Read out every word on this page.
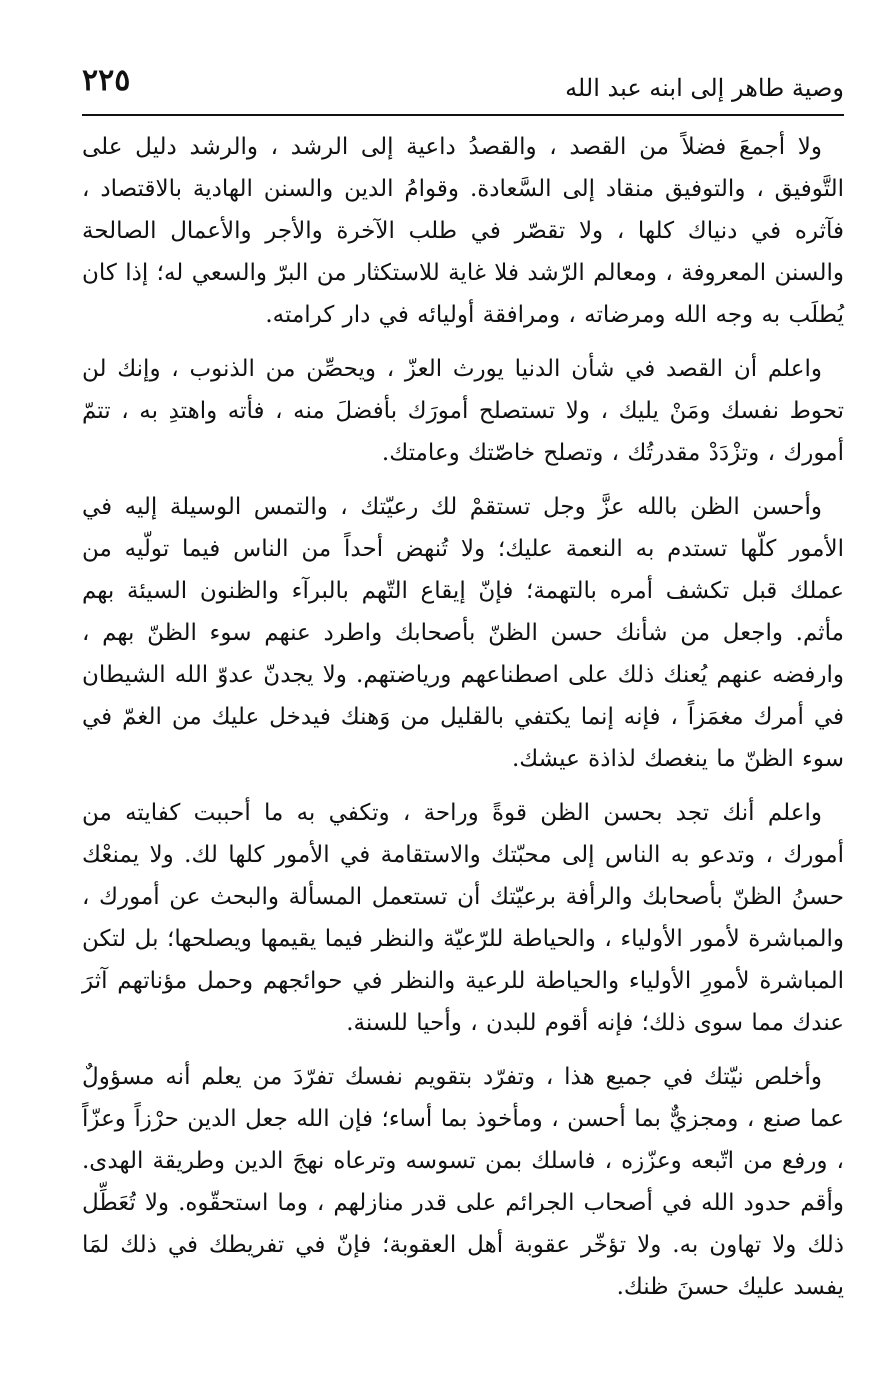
٢٢٥	وصية طاهر إلى ابنه عبد الله

ولا أجمعَ فضلاً من القصد ، والقصدُ داعية إلى الرشد ، والرشد دليل على التَّوفيق ، والتوفيق منقاد إلى السَّعادة. وقوامُ الدين والسنن الهادية بالاقتصاد ، فآثره في دنياك كلها ، ولا تقصّر في طلب الآخرة والأجر والأعمال الصالحة والسنن المعروفة ، ومعالم الرّشد فلا غاية للاستكثار من البرّ والسعي له؛ إذا كان يُطلَب به وجه الله ومرضاته ، ومرافقة أوليائه في دار كرامته.

واعلم أن القصد في شأن الدنيا يورث العزّ ، ويحصِّن من الذنوب ، وإنك لن تحوط نفسك ومَنْ يليك ، ولا تستصلح أمورَك بأفضلَ منه ، فأته واهتدِ به ، تتمّ أمورك ، وتزْدَدْ مقدرتُك ، وتصلح خاصّتك وعامتك.

وأحسن الظن بالله عزَّ وجل تستقمْ لك رعيّتك ، والتمس الوسيلة إليه في الأمور كلّها تستدم به النعمة عليك؛ ولا تُنهض أحداً من الناس فيما تولّيه من عملك قبل تكشف أمره بالتهمة؛ فإنّ إيقاع التّهم بالبرآء والظنون السيئة بهم مأثم. واجعل من شأنك حسن الظنّ بأصحابك واطرد عنهم سوء الظنّ بهم ، وارفضه عنهم يُعنك ذلك على اصطناعهم ورياضتهم. ولا يجدنّ عدوّ الله الشيطان في أمرك مغمَزاً ، فإنه إنما يكتفي بالقليل من وَهنك فيدخل عليك من الغمّ في سوء الظنّ ما ينغصك لذاذة عيشك.

واعلم أنك تجد بحسن الظن قوةً وراحة ، وتكفي به ما أحببت كفايته من أمورك ، وتدعو به الناس إلى محبّتك والاستقامة في الأمور كلها لك. ولا يمنعْك حسنُ الظنّ بأصحابك والرأفة برعيّتك أن تستعمل المسألة والبحث عن أمورك ، والمباشرة لأمور الأولياء ، والحياطة للرّعيّة والنظر فيما يقيمها ويصلحها؛ بل لتكن المباشرة لأمورِ الأولياء والحياطة للرعية والنظر في حوائجهم وحمل مؤناتهم آثرَ عندك مما سوى ذلك؛ فإنه أقوم للبدن ، وأحيا للسنة.

وأخلص نيّتك في جميع هذا ، وتفرّد بتقويم نفسك تفرّدَ من يعلم أنه مسؤولٌ عما صنع ، ومجزيٌّ بما أحسن ، ومأخوذ بما أساء؛ فإن الله جعل الدين حرْزاً وعزّاً ، ورفع من اتّبعه وعزّزه ، فاسلك بمن تسوسه وترعاه نهجَ الدين وطريقة الهدى. وأقم حدود الله في أصحاب الجرائم على قدر منازلهم ، وما استحقّوه. ولا تُعَطِّل ذلك ولا تهاون به. ولا تؤخّر عقوبة أهل العقوبة؛ فإنّ في تفريطك في ذلك لمَا يفسد عليك حسنَ ظنك.
